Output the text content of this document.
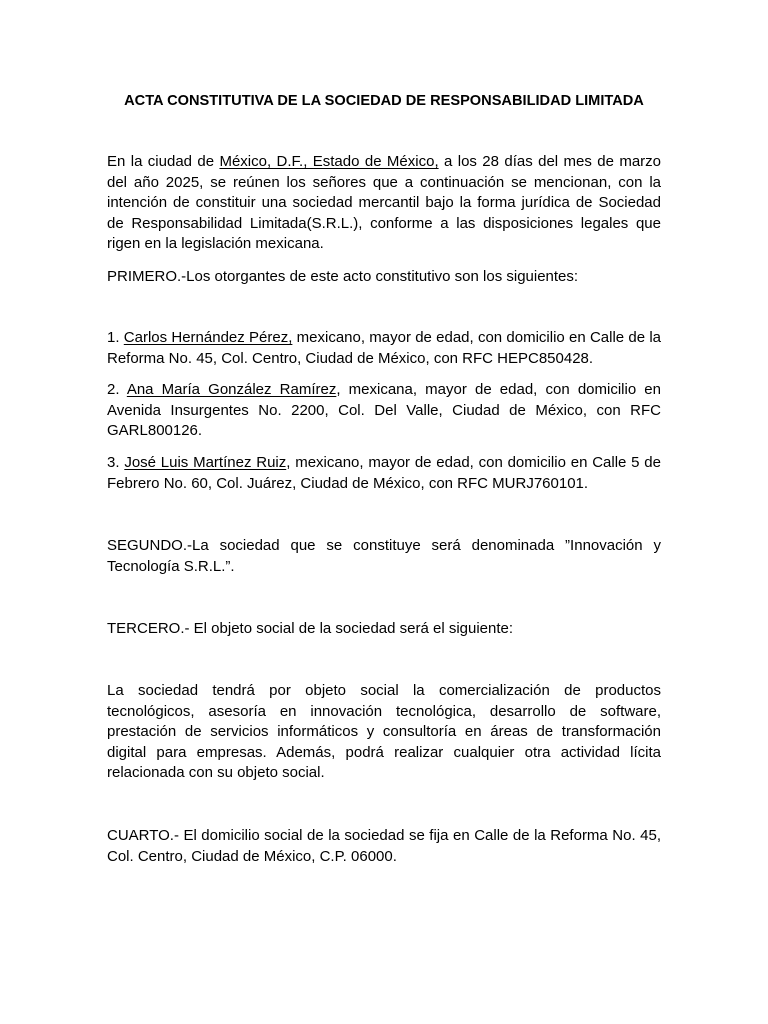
ACTA CONSTITUTIVA DE LA SOCIEDAD DE RESPONSABILIDAD LIMITADA

En la ciudad de México, D.F., Estado de México, a los 28 días del mes de marzo del año 2025, se reúnen los señores que a continuación se mencionan, con la intención de constituir una sociedad mercantil bajo la forma jurídica de Sociedad de Responsabilidad Limitada(S.R.L.), conforme a las disposiciones legales que rigen en la legislación mexicana.

PRIMERO.-Los otorgantes de este acto constitutivo son los siguientes:

1. Carlos Hernández Pérez, mexicano, mayor de edad, con domicilio en Calle de la Reforma No. 45, Col. Centro, Ciudad de México, con RFC HEPC850428.

2. Ana María González Ramírez, mexicana, mayor de edad, con domicilio en Avenida Insurgentes No. 2200, Col. Del Valle, Ciudad de México, con RFC GARL800126.

3. José Luis Martínez Ruiz, mexicano, mayor de edad, con domicilio en Calle 5 de Febrero No. 60, Col. Juárez, Ciudad de México, con RFC MURJ760101.

SEGUNDO.-La sociedad que se constituye será denominada ”Innovación y Tecnología S.R.L.”.

TERCERO.- El objeto social de la sociedad será el siguiente:

La sociedad tendrá por objeto social la comercialización de productos tecnológicos, asesoría en innovación tecnológica, desarrollo de software, prestación de servicios informáticos y consultoría en áreas de transformación digital para empresas. Además, podrá realizar cualquier otra actividad lícita relacionada con su objeto social.

CUARTO.- El domicilio social de la sociedad se fija en Calle de la Reforma No. 45, Col. Centro, Ciudad de México, C.P. 06000.
